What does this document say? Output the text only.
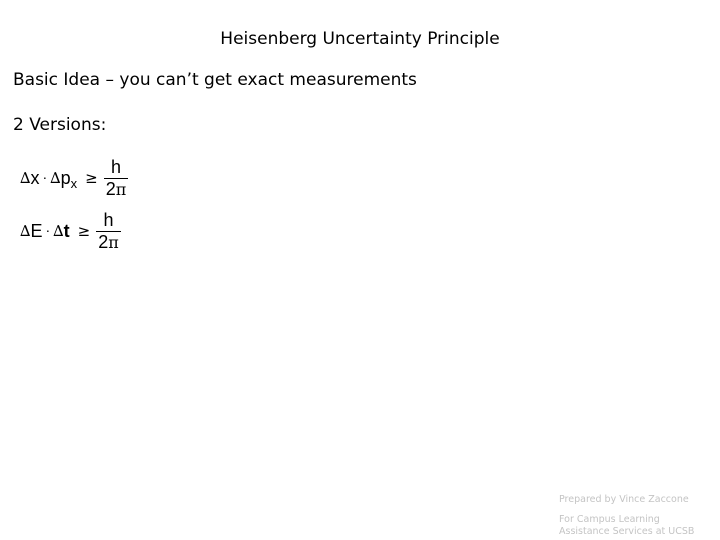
Heisenberg Uncertainty Principle
Basic Idea – you can’t get exact measurements
2 Versions:
∆ x · ∆ p $x \ge \frac{h}{2\pi}$
∆ E · ∆ $t \ge \frac{h}{2\pi}$
Prepared by Vince Zaccone
For Campus Learning
Assistance Services at UCSB
